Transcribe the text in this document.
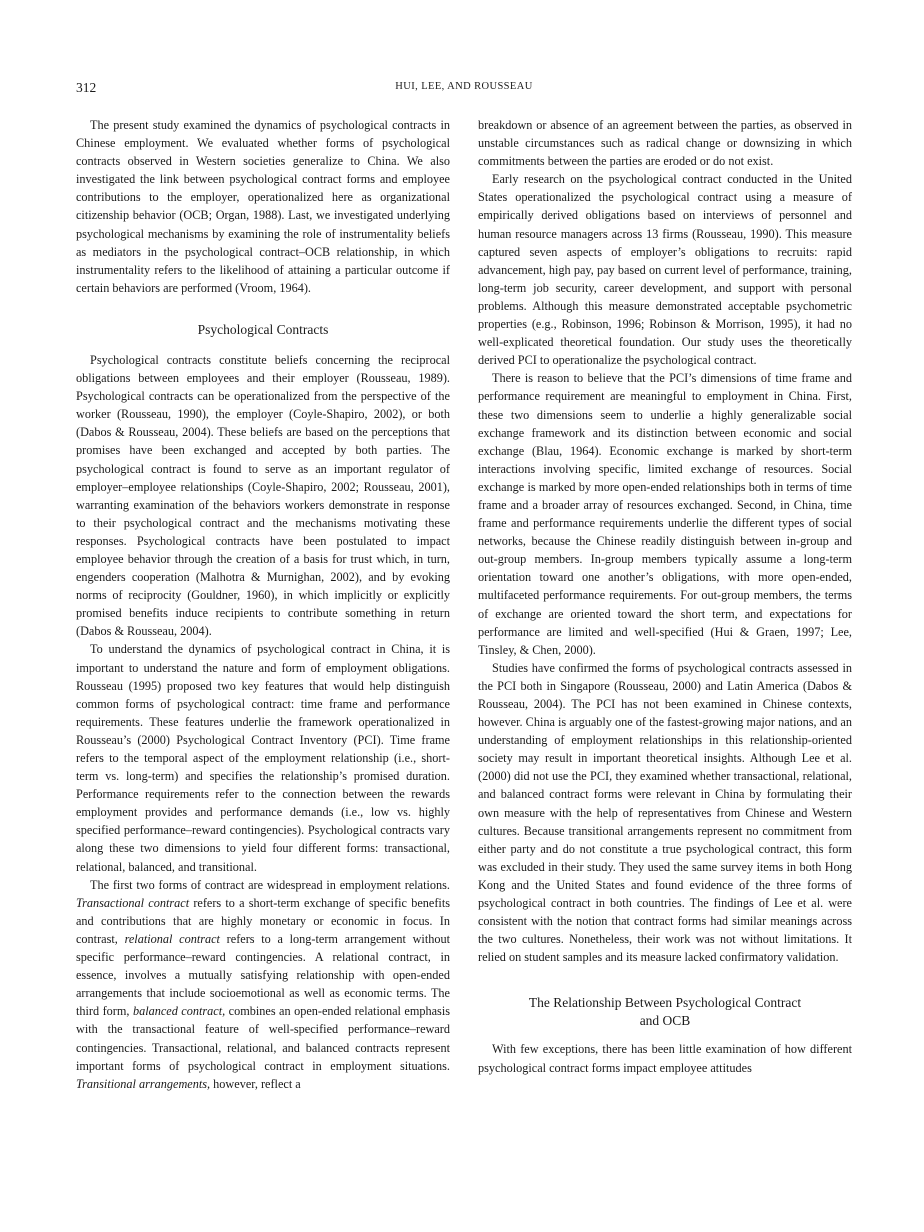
312	HUI, LEE, AND ROUSSEAU

The present study examined the dynamics of psychological contracts in Chinese employment. We evaluated whether forms of psychological contracts observed in Western societies generalize to China. We also investigated the link between psychological contract forms and employee contributions to the employer, operationalized here as organizational citizenship behavior (OCB; Organ, 1988). Last, we investigated underlying psychological mechanisms by examining the role of instrumentality beliefs as mediators in the psychological contract–OCB relationship, in which instrumentality refers to the likelihood of attaining a particular outcome if certain behaviors are performed (Vroom, 1964).

Psychological Contracts

Psychological contracts constitute beliefs concerning the reciprocal obligations between employees and their employer (Rousseau, 1989). Psychological contracts can be operationalized from the perspective of the worker (Rousseau, 1990), the employer (Coyle-Shapiro, 2002), or both (Dabos & Rousseau, 2004). These beliefs are based on the perceptions that promises have been exchanged and accepted by both parties. The psychological contract is found to serve as an important regulator of employer–employee relationships (Coyle-Shapiro, 2002; Rousseau, 2001), warranting examination of the behaviors workers demonstrate in response to their psychological contract and the mechanisms motivating these responses. Psychological contracts have been postulated to impact employee behavior through the creation of a basis for trust which, in turn, engenders cooperation (Malhotra & Murnighan, 2002), and by evoking norms of reciprocity (Gouldner, 1960), in which implicitly or explicitly promised benefits induce recipients to contribute something in return (Dabos & Rousseau, 2004).

To understand the dynamics of psychological contract in China, it is important to understand the nature and form of employment obligations. Rousseau (1995) proposed two key features that would help distinguish common forms of psychological contract: time frame and performance requirements. These features underlie the framework operationalized in Rousseau’s (2000) Psychological Contract Inventory (PCI). Time frame refers to the temporal aspect of the employment relationship (i.e., short-term vs. long-term) and specifies the relationship’s promised duration. Performance requirements refer to the connection between the rewards employment provides and performance demands (i.e., low vs. highly specified performance–reward contingencies). Psychological contracts vary along these two dimensions to yield four different forms: transactional, relational, balanced, and transitional.

The first two forms of contract are widespread in employment relations. Transactional contract refers to a short-term exchange of specific benefits and contributions that are highly monetary or economic in focus. In contrast, relational contract refers to a long-term arrangement without specific performance–reward contingencies. A relational contract, in essence, involves a mutually satisfying relationship with open-ended arrangements that include socioemotional as well as economic terms. The third form, balanced contract, combines an open-ended relational emphasis with the transactional feature of well-specified performance–reward contingencies. Transactional, relational, and balanced contracts represent important forms of psychological contract in employment situations. Transitional arrangements, however, reflect a

breakdown or absence of an agreement between the parties, as observed in unstable circumstances such as radical change or downsizing in which commitments between the parties are eroded or do not exist.

Early research on the psychological contract conducted in the United States operationalized the psychological contract using a measure of empirically derived obligations based on interviews of personnel and human resource managers across 13 firms (Rousseau, 1990). This measure captured seven aspects of employer’s obligations to recruits: rapid advancement, high pay, pay based on current level of performance, training, long-term job security, career development, and support with personal problems. Although this measure demonstrated acceptable psychometric properties (e.g., Robinson, 1996; Robinson & Morrison, 1995), it had no well-explicated theoretical foundation. Our study uses the theoretically derived PCI to operationalize the psychological contract.

There is reason to believe that the PCI’s dimensions of time frame and performance requirement are meaningful to employment in China. First, these two dimensions seem to underlie a highly generalizable social exchange framework and its distinction between economic and social exchange (Blau, 1964). Economic exchange is marked by short-term interactions involving specific, limited exchange of resources. Social exchange is marked by more open-ended relationships both in terms of time frame and a broader array of resources exchanged. Second, in China, time frame and performance requirements underlie the different types of social networks, because the Chinese readily distinguish between in-group and out-group members. In-group members typically assume a long-term orientation toward one another’s obligations, with more open-ended, multifaceted performance requirements. For out-group members, the terms of exchange are oriented toward the short term, and expectations for performance are limited and well-specified (Hui & Graen, 1997; Lee, Tinsley, & Chen, 2000).

Studies have confirmed the forms of psychological contracts assessed in the PCI both in Singapore (Rousseau, 2000) and Latin America (Dabos & Rousseau, 2004). The PCI has not been examined in Chinese contexts, however. China is arguably one of the fastest-growing major nations, and an understanding of employment relationships in this relationship-oriented society may result in important theoretical insights. Although Lee et al. (2000) did not use the PCI, they examined whether transactional, relational, and balanced contract forms were relevant in China by formulating their own measure with the help of representatives from Chinese and Western cultures. Because transitional arrangements represent no commitment from either party and do not constitute a true psychological contract, this form was excluded in their study. They used the same survey items in both Hong Kong and the United States and found evidence of the three forms of psychological contract in both countries. The findings of Lee et al. were consistent with the notion that contract forms had similar meanings across the two cultures. Nonetheless, their work was not without limitations. It relied on student samples and its measure lacked confirmatory validation.

The Relationship Between Psychological Contract
and OCB

With few exceptions, there has been little examination of how different psychological contract forms impact employee attitudes
